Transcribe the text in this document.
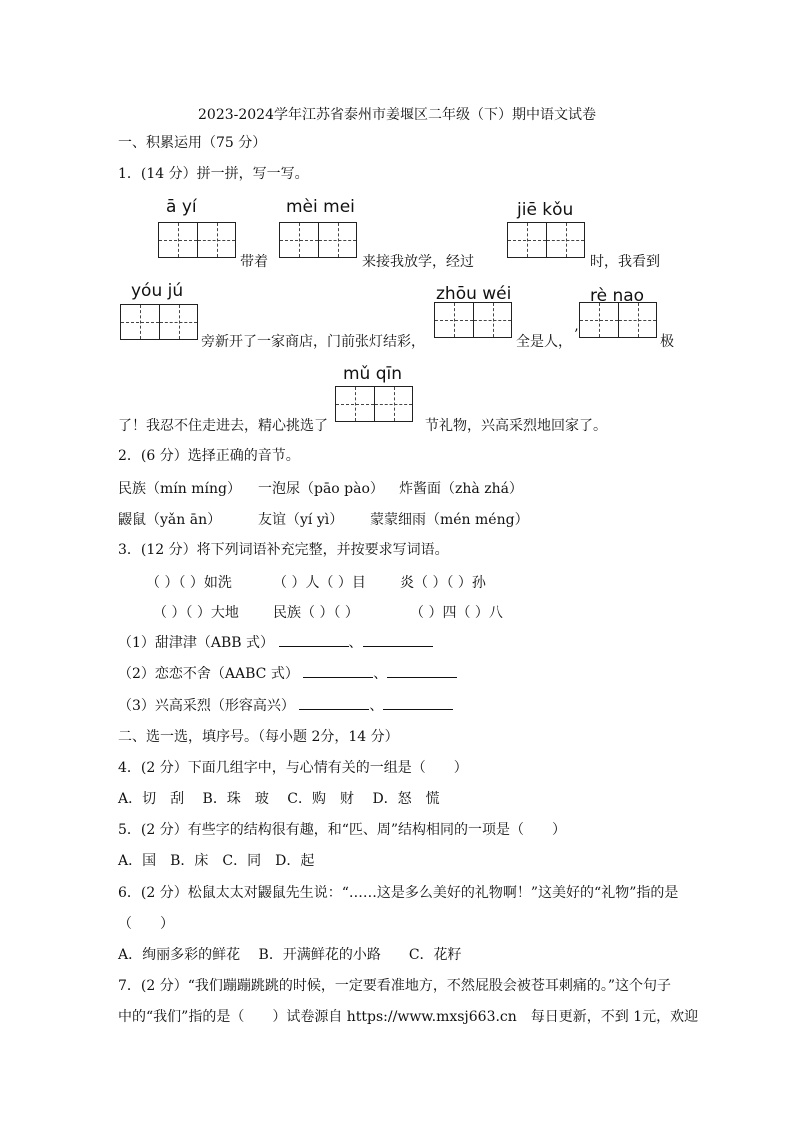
2023-2024学年江苏省泰州市姜堰区二年级（下）期中语文试卷
一、积累运用（75 分）
1．(14 分）拼一拼，写一写。
ā yí
带着
mèi mei
来接我放学，经过
jiē kǒu
时，我看到
yóu jú
旁新开了一家商店，门前张灯结彩，
zhōu wéi
全是人， ’
rè nao
极
mǔ qīn
了！我忍不住走进去，精心挑选了	节礼物，兴高采烈地回家了。
2．(6 分）选择正确的音节。
民族（mín míng） 一泡尿（pāo pào） 炸酱面（zhà zhá）
鼹鼠（yǎn ān）	友谊（yí yì） 蒙蒙细雨（mén méng）
3．(12 分）将下列词语补充完整，并按要求写词语。
（ ）（ ）如洗	（ ）人（ ）目 炎（ ）（ ）孙
（ ）（ ）大地 民族（ ）（ ）	（ ）四（ ）八
（1）甜津津（ABB 式）	、
（2）恋恋不舍（AABC 式）	、
（3）兴高采烈（形容高兴）	、
二、选一选，填序号。（每小题 2分，14 分）
4．(2 分）下面几组字中，与心情有关的一组是（　　）
A．切　刮　 B．珠　玻　 C．购　财　 D．怒　慌
5．(2 分）有些字的结构很有趣，和“匹、周”结构相同的一项是（　　）
A．国　B．床　C．同　D．起
6．(2 分）松鼠太太对鼹鼠先生说：“……这是多么美好的礼物啊！”这美好的“礼物”指的是
（　　）
A．绚丽多彩的鲜花　 B．开满鲜花的小路　　C．花籽
7．(2 分）“我们蹦蹦跳跳的时候，一定要看准地方，不然屁股会被苍耳刺痛的。”这个句子
中的“我们”指的是（　　）试卷源自 https://www.mxsj663.cn　每日更新，不到 1元，欢迎
